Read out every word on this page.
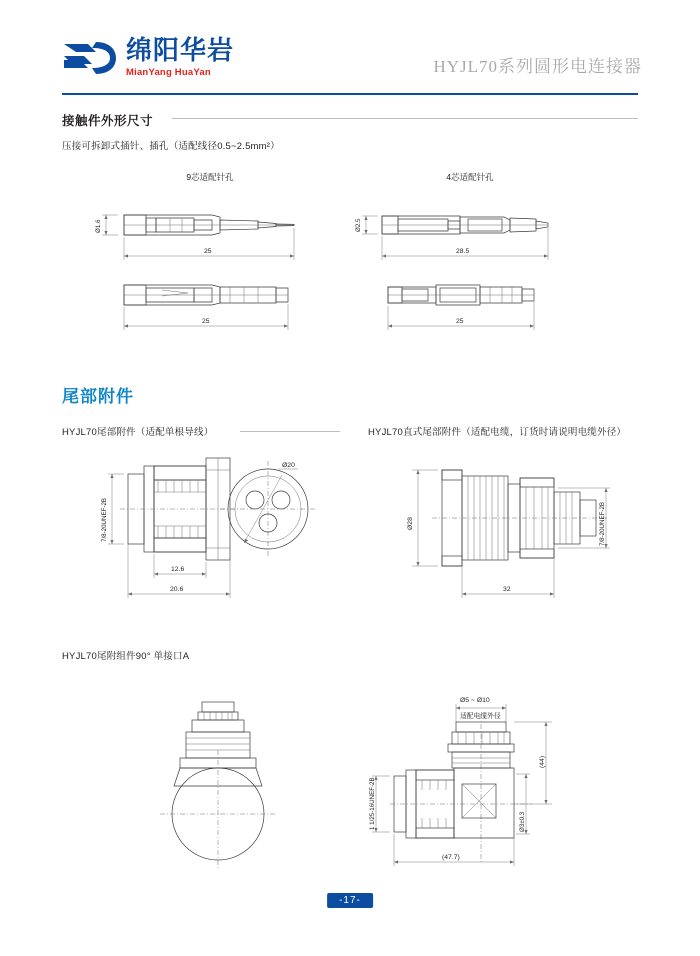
绵阳华岩
MianYang HuaYan	HYJL70系列圆形电连接器
接触件外形尺寸
压接可拆卸式插针、插孔（适配线径0.5~2.5mm²）
9芯适配针孔	4芯适配针孔
Ø1.6
25
25
Ø2.5
28.5
25
尾部附件
HYJL70尾部附件（适配单根导线）	HYJL70直式尾部附件（适配电缆，订货时请说明电缆外径）
7/8-20UNEF-2B
12.6
20.6
Ø20
Ø28	7/8-20UNEF-2B
32
HYJL70尾附组件90° 单接口A
Ø5 ~ Ø10
适配电缆外径
(44)
Ø3±0.3
1 1/25-16UNEF-2B
(47.7)
-17-
